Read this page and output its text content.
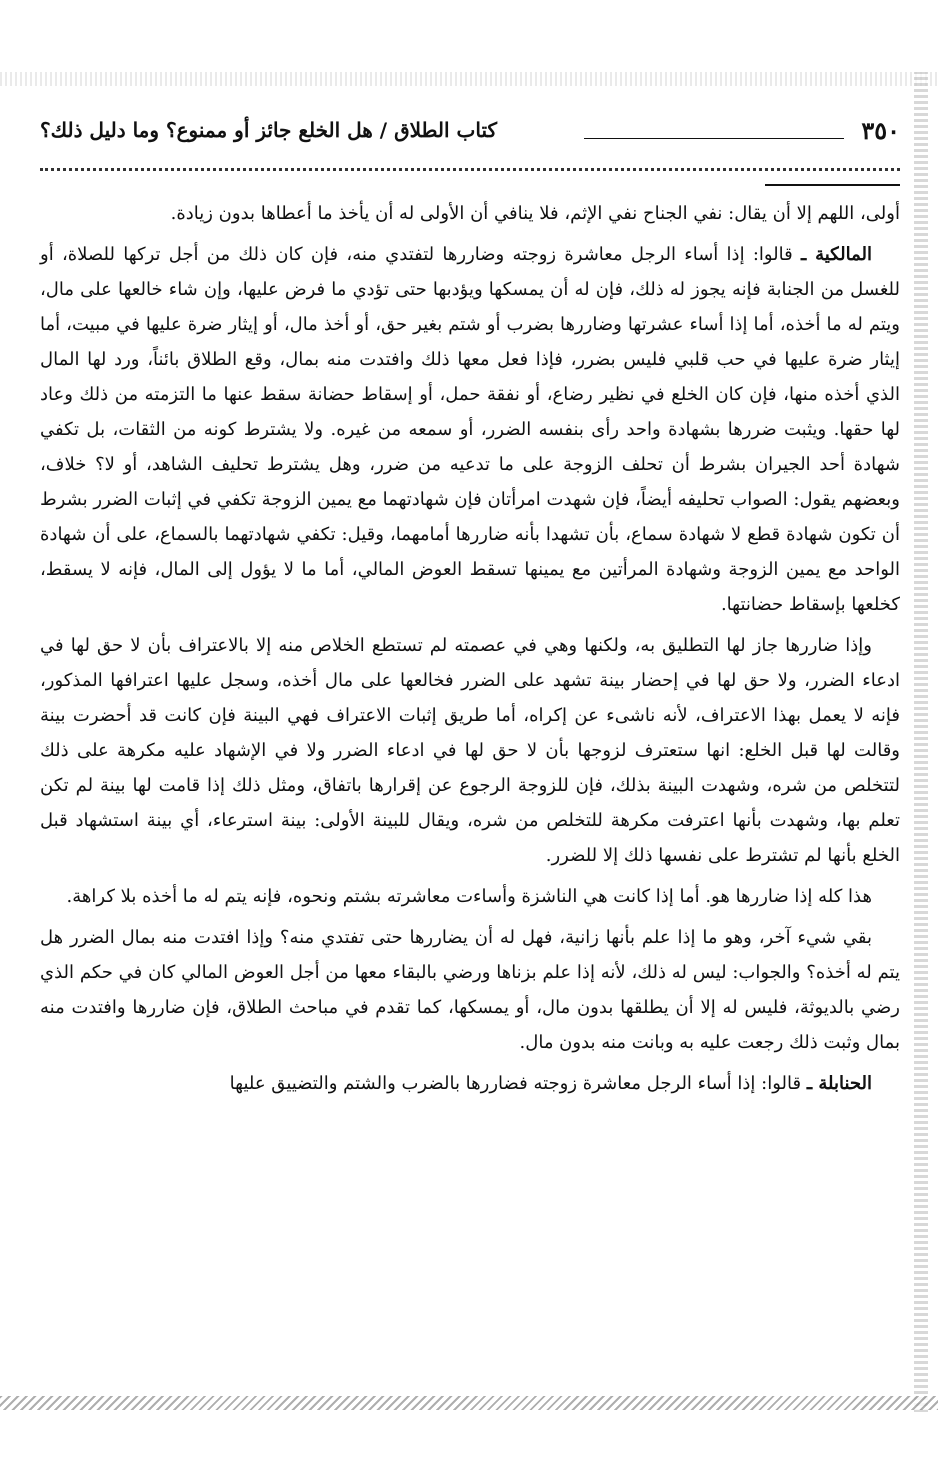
٣٥٠
كتاب الطلاق / هل الخلع جائز أو ممنوع؟ وما دليل ذلك؟

أولى، اللهم إلا أن يقال: نفي الجناح نفي الإثم، فلا ينافي أن الأولى له أن يأخذ ما أعطاها بدون زيادة.

المالكية ـ قالوا: إذا أساء الرجل معاشرة زوجته وضاررها لتفتدي منه، فإن كان ذلك من أجل تركها للصلاة، أو للغسل من الجنابة فإنه يجوز له ذلك، فإن له أن يمسكها ويؤدبها حتى تؤدي ما فرض عليها، وإن شاء خالعها على مال، ويتم له ما أخذه، أما إذا أساء عشرتها وضاررها بضرب أو شتم بغير حق، أو أخذ مال، أو إيثار ضرة عليها في مبيت، أما إيثار ضرة عليها في حب قلبي فليس بضرر، فإذا فعل معها ذلك وافتدت منه بمال، وقع الطلاق بائناً، ورد لها المال الذي أخذه منها، فإن كان الخلع في نظير رضاع، أو نفقة حمل، أو إسقاط حضانة سقط عنها ما التزمته من ذلك وعاد لها حقها. ويثبت ضررها بشهادة واحد رأى بنفسه الضرر، أو سمعه من غيره. ولا يشترط كونه من الثقات، بل تكفي شهادة أحد الجيران بشرط أن تحلف الزوجة على ما تدعيه من ضرر، وهل يشترط تحليف الشاهد، أو لا؟ خلاف، وبعضهم يقول: الصواب تحليفه أيضاً، فإن شهدت امرأتان فإن شهادتهما مع يمين الزوجة تكفي في إثبات الضرر بشرط أن تكون شهادة قطع لا شهادة سماع، بأن تشهدا بأنه ضاررها أمامهما، وقيل: تكفي شهادتهما بالسماع، على أن شهادة الواحد مع يمين الزوجة وشهادة المرأتين مع يمينها تسقط العوض المالي، أما ما لا يؤول إلى المال، فإنه لا يسقط، كخلعها بإسقاط حضانتها.

وإذا ضاررها جاز لها التطليق به، ولكنها وهي في عصمته لم تستطع الخلاص منه إلا بالاعتراف بأن لا حق لها في ادعاء الضرر، ولا حق لها في إحضار بينة تشهد على الضرر فخالعها على مال أخذه، وسجل عليها اعترافها المذكور، فإنه لا يعمل بهذا الاعتراف، لأنه ناشىء عن إكراه، أما طريق إثبات الاعتراف فهي البينة فإن كانت قد أحضرت بينة وقالت لها قبل الخلع: انها ستعترف لزوجها بأن لا حق لها في ادعاء الضرر ولا في الإشهاد عليه مكرهة على ذلك لتتخلص من شره، وشهدت البينة بذلك، فإن للزوجة الرجوع عن إقرارها باتفاق، ومثل ذلك إذا قامت لها بينة لم تكن تعلم بها، وشهدت بأنها اعترفت مكرهة للتخلص من شره، ويقال للبينة الأولى: بينة استرعاء، أي بينة استشهاد قبل الخلع بأنها لم تشترط على نفسها ذلك إلا للضرر.

هذا كله إذا ضاررها هو. أما إذا كانت هي الناشزة وأساءت معاشرته بشتم ونحوه، فإنه يتم له ما أخذه بلا كراهة.

بقي شيء آخر، وهو ما إذا علم بأنها زانية، فهل له أن يضاررها حتى تفتدي منه؟ وإذا افتدت منه بمال الضرر هل يتم له أخذه؟ والجواب: ليس له ذلك، لأنه إذا علم بزناها ورضي بالبقاء معها من أجل العوض المالي كان في حكم الذي رضي بالديوثة، فليس له إلا أن يطلقها بدون مال، أو يمسكها، كما تقدم في مباحث الطلاق، فإن ضاررها وافتدت منه بمال وثبت ذلك رجعت عليه به وبانت منه بدون مال.

الحنابلة ـ قالوا: إذا أساء الرجل معاشرة زوجته فضاررها بالضرب والشتم والتضييق عليها
